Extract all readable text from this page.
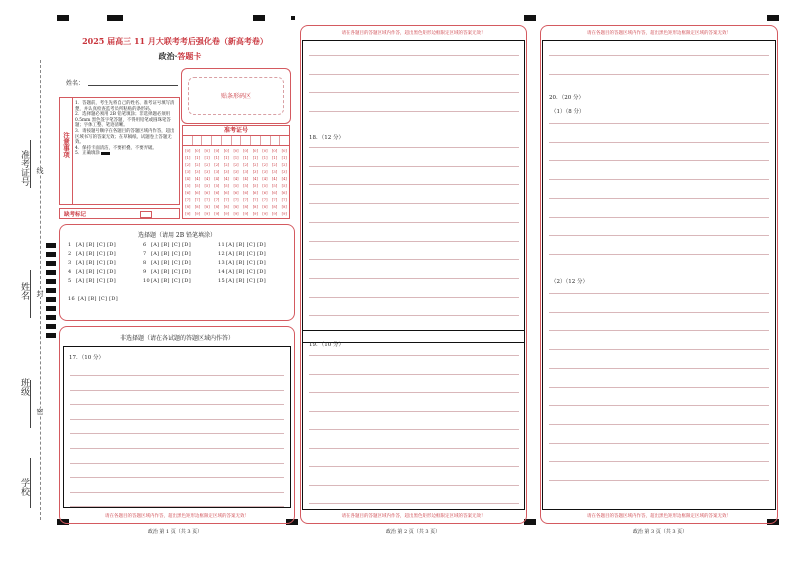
准考证号 线
姓名 封
班级
密
学校
2025 届高三 11 月大联考考后强化卷（新高考卷）
政治·答题卡
姓名：
贴条形码区
注意事项
1．答题前，考生先将自己的姓名、准考证号填写清楚，并认真检查监考员所粘贴的条形码。
2．选择题必须用 2B 铅笔填涂；非选择题必须用 0.5mm 黑色签字笔答题，不得用铅笔或圆珠笔答题；字体工整、笔迹清晰。
3．请按题号顺序在各题目的答题区域内作答，超出区域书写的答案无效；在草稿纸、试题卷上答题无效。
4．保持卡面清洁，不要折叠、不要弄破。
5．正确填涂
缺考标记
准考证号
[0]
[1]
[2]
[3]
[4]
[5]
[6]
[7]
[8]
[9]
[0]
[1]
[2]
[3]
[4]
[5]
[6]
[7]
[8]
[9]
[0]
[1]
[2]
[3]
[4]
[5]
[6]
[7]
[8]
[9]
[0]
[1]
[2]
[3]
[4]
[5]
[6]
[7]
[8]
[9]
[0]
[1]
[2]
[3]
[4]
[5]
[6]
[7]
[8]
[9]
[0]
[1]
[2]
[3]
[4]
[5]
[6]
[7]
[8]
[9]
[0]
[1]
[2]
[3]
[4]
[5]
[6]
[7]
[8]
[9]
[0]
[1]
[2]
[3]
[4]
[5]
[6]
[7]
[8]
[9]
[0]
[1]
[2]
[3]
[4]
[5]
[6]
[7]
[8]
[9]
[0]
[1]
[2]
[3]
[4]
[5]
[6]
[7]
[8]
[9]
[0]
[1]
[2]
[3]
[4]
[5]
[6]
[7]
[8]
[9]
选择题（请用 2B 铅笔填涂）
1 [A] [B] [C] [D]
2 [A] [B] [C] [D]
3 [A] [B] [C] [D]
4 [A] [B] [C] [D]
5 [A] [B] [C] [D]
6 [A] [B] [C] [D]
7 [A] [B] [C] [D]
8 [A] [B] [C] [D]
9 [A] [B] [C] [D]
10[A] [B] [C] [D]
11[A] [B] [C] [D]
12[A] [B] [C] [D]
13[A] [B] [C] [D]
14[A] [B] [C] [D]
15[A] [B] [C] [D]
16 [A] [B] [C] [D]
非选择题（请在各试题的答题区域内作答）
17．（10 分）
请在各题目的答题区域内作答，超出黑色矩形边框限定区域的答案无效！
政治 第 1 页（共 3 页）
请在各题目的答题区域内作答，超出黑色矩形边框限定区域的答案无效！
请在各题目的答题区域内作答，超出黑色矩形边框限定区域的答案无效！
18．（12 分）
19．（10 分）
政治 第 2 页（共 3 页）
请在各题目的答题区域内作答，超出黑色矩形边框限定区域的答案无效！
请在各题目的答题区域内作答，超出黑色矩形边框限定区域的答案无效！
20．（20 分）
（1）（8 分）
（2）（12 分）
政治 第 3 页（共 3 页）
